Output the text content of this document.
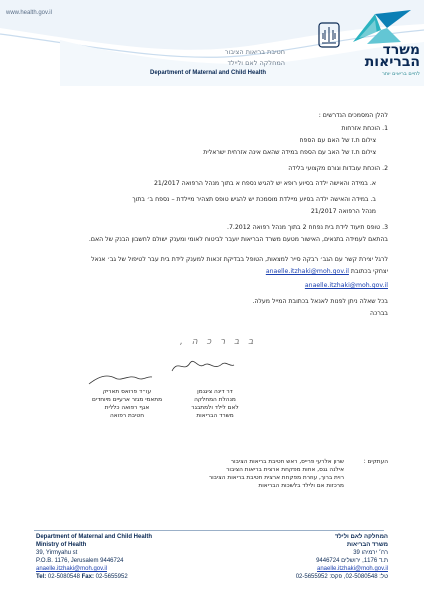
www.health.gov.il
משרד
הבריאות
לחיים בריאים יותר
חטיבת בריאות הציבור
המחלקה לאם וליילד
Department of Maternal and Child Health
להלן המסמכים הנדרשים :
1. הוכחת אזרחות
צילום ת.ז של האם עם הספח
צילום ת.ז של האב עם הספח במידה שהאם אינה אזרחית ישראלית
2. הוכחת עובדות וגורם מקצועי בלידה
א. במידה והאישה ילדה בסיוע רופא יש להגיש נספח א בתוך מנהל הרפואה 21/2017
ב. במידה והאישה ילדה בסיוע מיילדת מוסמכת יש להגיש טופס תצהיר מיילדת – נספח ב׳ בתוך
מנהל הרפואה 21/2017
3. טופס תיעוד לידת בית נפחח 2 בתוך מנהל רפואה 7.2012.
בהתאם לעמידה בתנאים, האישור מטעם משרד הבריאות יועבר לביטוח לאומי ומענק ישולם לחשבון הבנק של האם.
לרגל יצירת קשר עם הגב׳ רבקה סייר למצאות, הטופל בבדיקת זכאות למענק לידת בית עבר לטיפול של גב׳ אנאל
יצחקי בכתובת anaelle.itzhaki@moh.gov.il
anaelle.itzhaki@moh.gov.il
בכל שאלה ניתן לפנות לאנאל בכתובת המייל מעלה.
בברכה
ב ב ר כ ה ,
עו״ד פרואס תאריק
מתאמי מגזר ארעיים מיוחדים
אגף רפואה כללית
חטיבת רפואה
דר דינה ציגנמן
מנהלת המחלקה
לאם לילד ולמתבגר
משרד הבריאות
העתקים :
שרון אלרעי פרייס, ראש חטיבת בריאות הציבור
אילנה גנס, אחות מפקחת ארצית בריאות הציבור
רוית ברוך, עוזרת מפקחת ארצית חטיבת בריאות הציבור
מרכזות אם ולילד בלשכות הבריאות
Department of Maternal and Child Health
Ministry of Health
39, Yirmyahu st
P.O.B. 1176, Jerusalem 9446724
anaelle.itzhaki@moh.gov.il
Tel: 02-5080548 Fax: 02-5655952
המחלקה לאם ולילד
משרד הבריאות
רח׳ ירמיהו 39
ת.ד 1176, ירושלים 9446724
anaelle.itzhaki@moh.gov.il
טל: 02-5080548, פקס: 02-5655952
